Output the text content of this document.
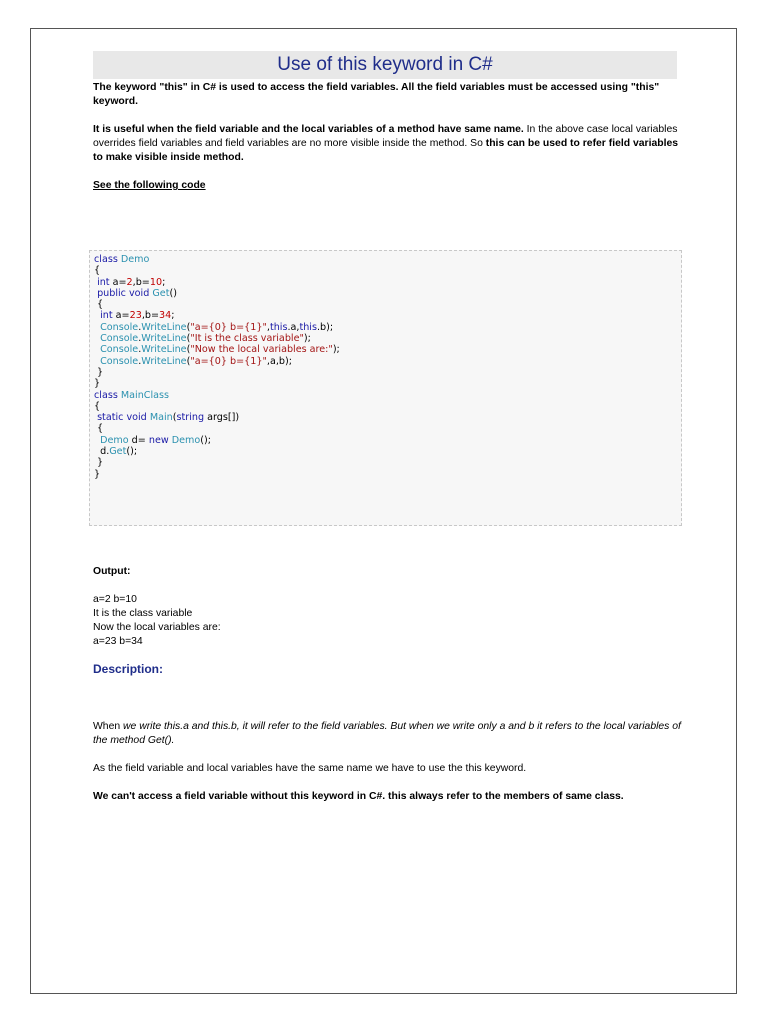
Use of this keyword in C#
The keyword "this" in C# is used to access the field variables. All the field variables must be accessed using "this" keyword.
It is useful when the field variable and the local variables of a method have same name. In the above case local variables overrides field variables and field variables are no more visible inside the method. So this can be used to refer field variables to make visible inside method.
See the following code
class Demo
{
int a=2,b=10;
public void Get()
{
int a=23,b=34;
Console.WriteLine("a={0} b={1}",this.a,this.b);
Console.WriteLine("It is the class variable");
Console.WriteLine("Now the local variables are:");
Console.WriteLine("a={0} b={1}",a,b);
}
}
class MainClass
{
static void Main(string args[])
{
Demo d= new Demo();
d.Get();
}
}
Output:
a=2 b=10
It is the class variable
Now the local variables are:
a=23 b=34
Description:
When we write this.a and this.b, it will refer to the field variables. But when we write only a and b it refers to the local variables of the method Get().
As the field variable and local variables have the same name we have to use the this keyword.
We can't access a field variable without this keyword in C#. this always refer to the members of same class.
